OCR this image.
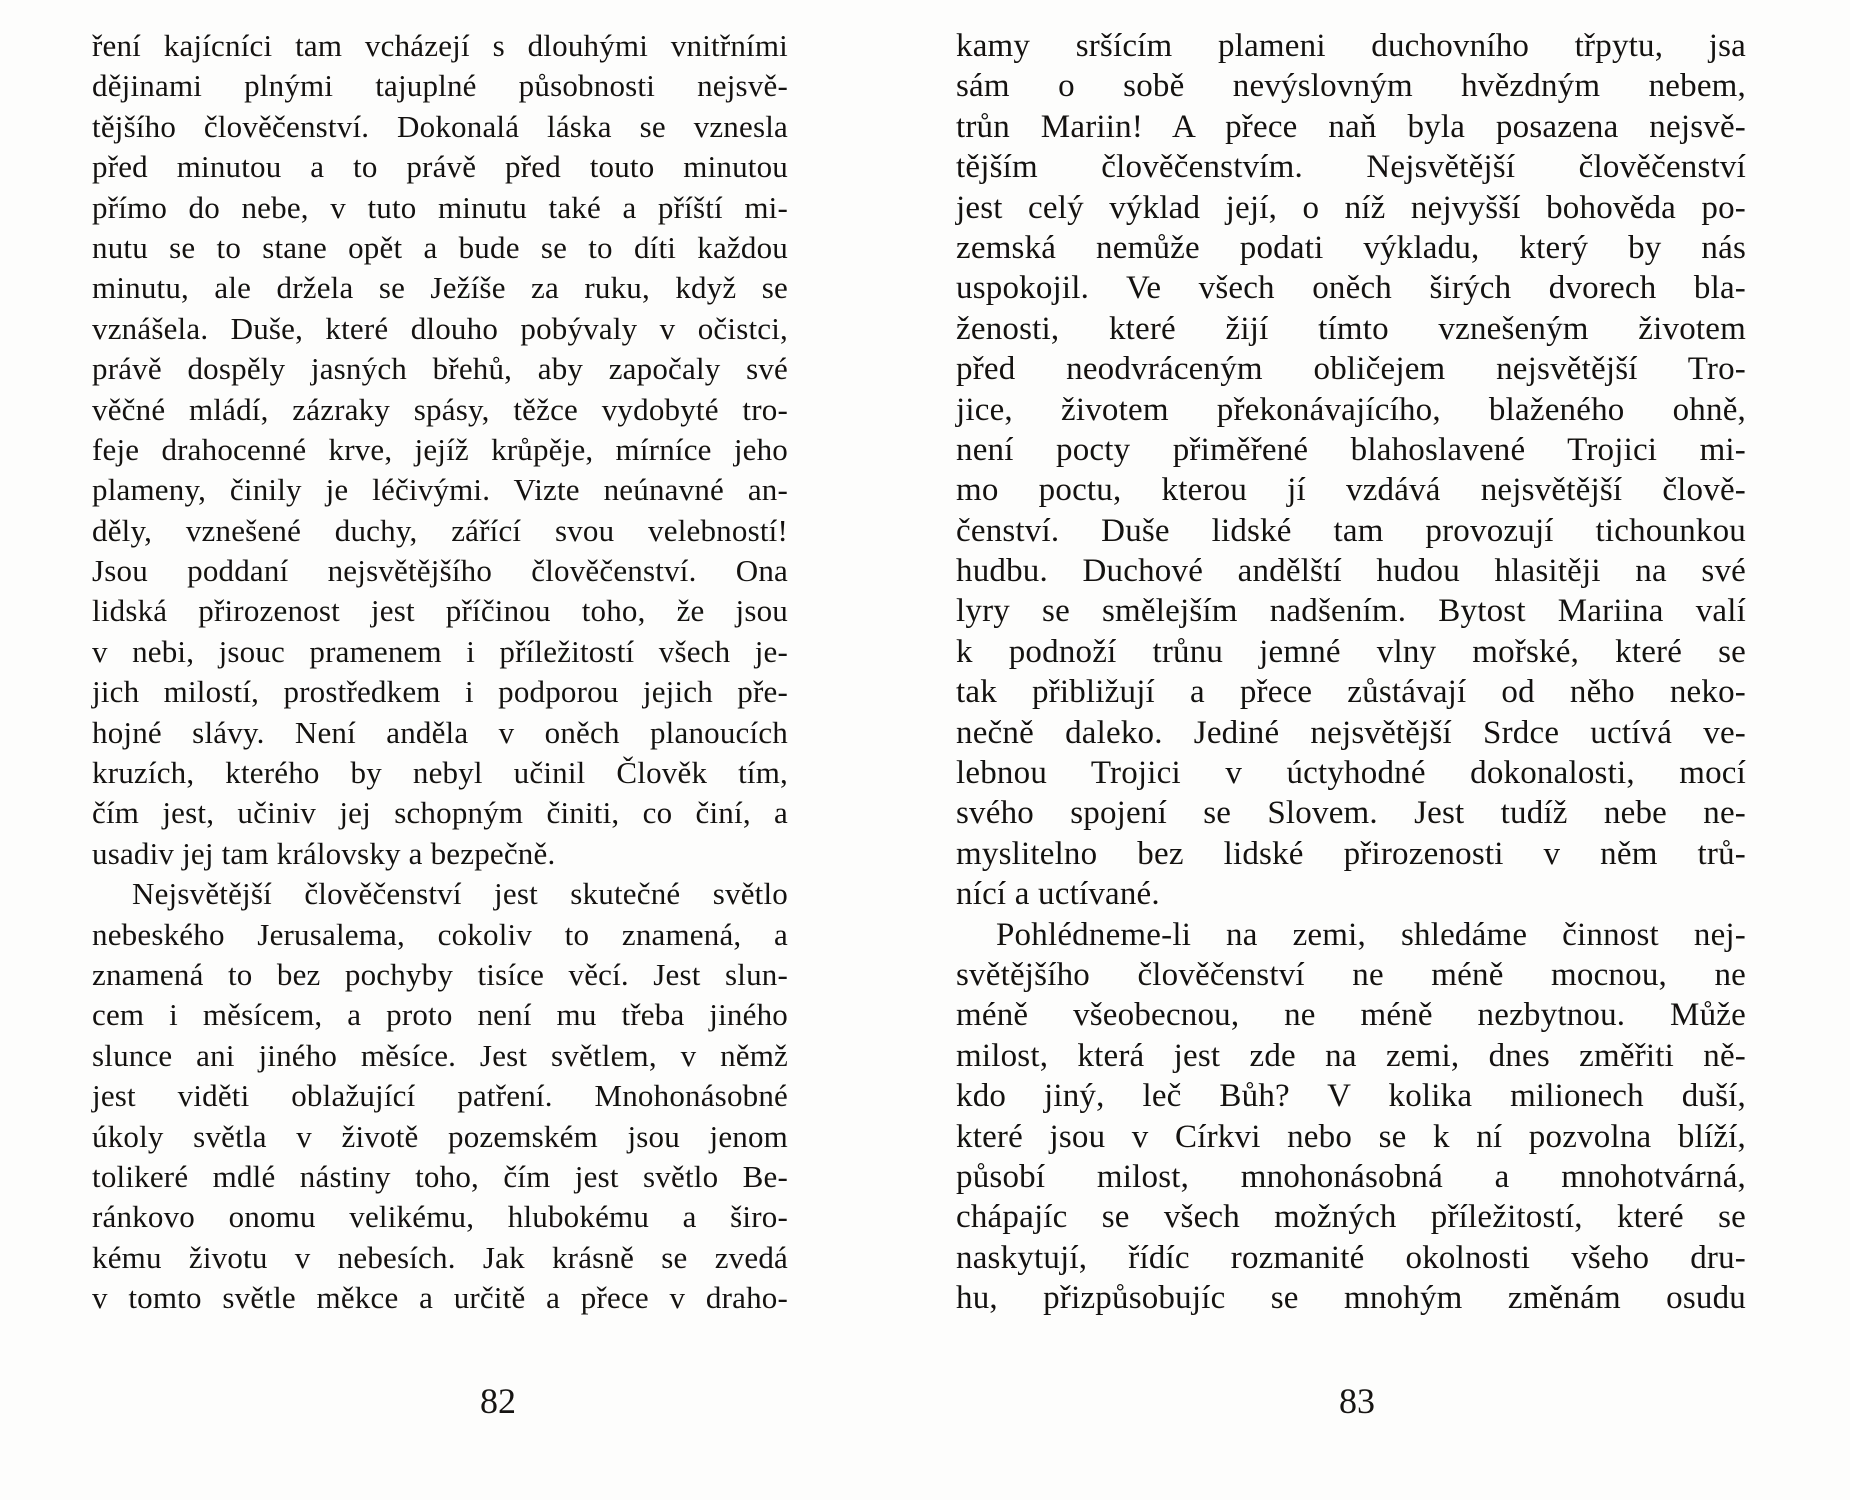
ření kajícníci tam vcházejí s dlouhými vnitřními
dějinami plnými tajuplné působnosti nejsvě-
tějšího člověčenství. Dokonalá láska se vznesla
před minutou a to právě před touto minutou
přímo do nebe, v tuto minutu také a příští mi-
nutu se to stane opět a bude se to díti každou
minutu, ale držela se Ježíše za ruku, když se
vznášela. Duše, které dlouho pobývaly v očistci,
právě dospěly jasných břehů, aby započaly své
věčné mládí, zázraky spásy, těžce vydobyté tro-
feje drahocenné krve, jejíž krůpěje, mírníce jeho
plameny, činily je léčivými. Vizte neúnavné an-
děly, vznešené duchy, zářící svou velebností!
Jsou poddaní nejsvětějšího člověčenství. Ona
lidská přirozenost jest příčinou toho, že jsou
v nebi, jsouc pramenem i příležitostí všech je-
jich milostí, prostředkem i podporou jejich pře-
hojné slávy. Není anděla v oněch planoucích
kruzích, kterého by nebyl učinil Člověk tím,
čím jest, učiniv jej schopným činiti, co činí, a
usadiv jej tam královsky a bezpečně.
Nejsvětější člověčenství jest skutečné světlo
nebeského Jerusalema, cokoliv to znamená, a
znamená to bez pochyby tisíce věcí. Jest slun-
cem i měsícem, a proto není mu třeba jiného
slunce ani jiného měsíce. Jest světlem, v němž
jest viděti oblažující patření. Mnohonásobné
úkoly světla v životě pozemském jsou jenom
tolikeré mdlé nástiny toho, čím jest světlo Be-
ránkovo onomu velikému, hlubokému a širo-
kému životu v nebesích. Jak krásně se zvedá
v tomto světle měkce a určitě a přece v draho-
kamy sršícím plameni duchovního třpytu, jsa
sám o sobě nevýslovným hvězdným nebem,
trůn Mariin! A přece naň byla posazena nejsvě-
tějším člověčenstvím. Nejsvětější člověčenství
jest celý výklad její, o níž nejvyšší bohověda po-
zemská nemůže podati výkladu, který by nás
uspokojil. Ve všech oněch širých dvorech bla-
ženosti, které žijí tímto vznešeným životem
před neodvráceným obličejem nejsvětější Tro-
jice, životem překonávajícího, blaženého ohně,
není pocty přiměřené blahoslavené Trojici mi-
mo poctu, kterou jí vzdává nejsvětější člově-
čenství. Duše lidské tam provozují tichounkou
hudbu. Duchové andělští hudou hlasitěji na své
lyry se smělejším nadšením. Bytost Mariina valí
k podnoží trůnu jemné vlny mořské, které se
tak přibližují a přece zůstávají od něho neko-
nečně daleko. Jediné nejsvětější Srdce uctívá ve-
lebnou Trojici v úctyhodné dokonalosti, mocí
svého spojení se Slovem. Jest tudíž nebe ne-
myslitelno bez lidské přirozenosti v něm trů-
nící a uctívané.
Pohlédneme-li na zemi, shledáme činnost nej-
světějšího člověčenství ne méně mocnou, ne
méně všeobecnou, ne méně nezbytnou. Může
milost, která jest zde na zemi, dnes změřiti ně-
kdo jiný, leč Bůh? V kolika milionech duší,
které jsou v Církvi nebo se k ní pozvolna blíží,
působí milost, mnohonásobná a mnohotvárná,
chápajíc se všech možných příležitostí, které se
naskytují, řídíc rozmanité okolnosti všeho dru-
hu, přizpůsobujíc se mnohým změnám osudu
82	83
